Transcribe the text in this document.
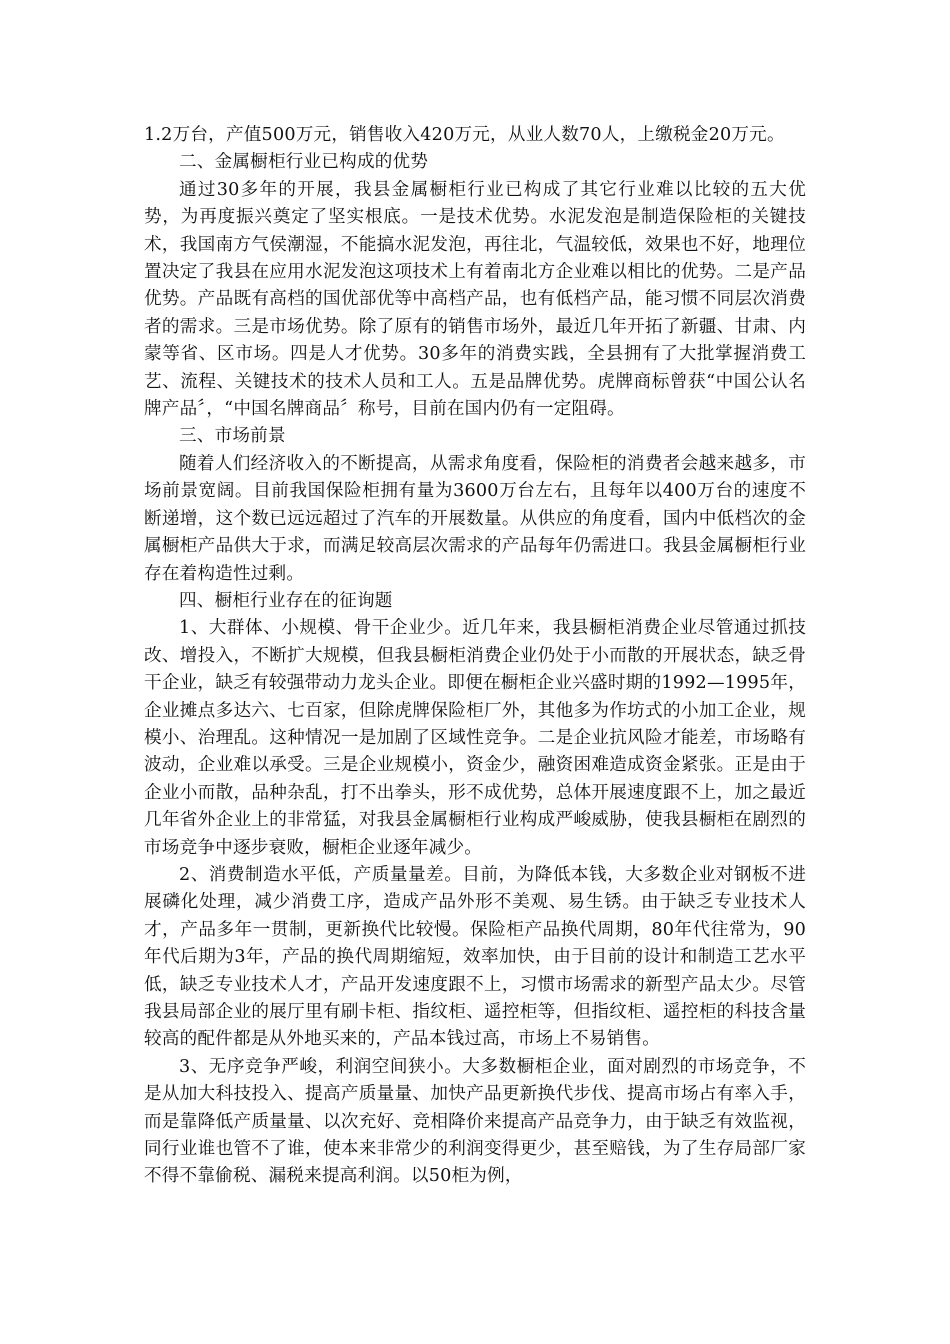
1.2万台，产值500万元，销售收入420万元，从业人数70人，上缴税金20万元。

二、金属橱柜行业已构成的优势

通过30多年的开展，我县金属橱柜行业已构成了其它行业难以比较的五大优势，为再度振兴奠定了坚实根底。一是技术优势。水泥发泡是制造保险柜的关键技术，我国南方气侯潮湿，不能搞水泥发泡，再往北，气温较低，效果也不好，地理位置决定了我县在应用水泥发泡这项技术上有着南北方企业难以相比的优势。二是产品优势。产品既有高档的国优部优等中高档产品，也有低档产品，能习惯不同层次消费者的需求。三是市场优势。除了原有的销售市场外，最近几年开拓了新疆、甘肃、内蒙等省、区市场。四是人才优势。30多年的消费实践，全县拥有了大批掌握消费工艺、流程、关键技术的技术人员和工人。五是品牌优势。虎牌商标曾获“中国公认名牌产品〞，“中国名牌商品〞称号，目前在国内仍有一定阻碍。

三、市场前景

随着人们经济收入的不断提高，从需求角度看，保险柜的消费者会越来越多，市场前景宽阔。目前我国保险柜拥有量为3600万台左右，且每年以400万台的速度不断递增，这个数已远远超过了汽车的开展数量。从供应的角度看，国内中低档次的金属橱柜产品供大于求，而满足较高层次需求的产品每年仍需进口。我县金属橱柜行业存在着构造性过剩。

四、橱柜行业存在的征询题

1、大群体、小规模、骨干企业少。近几年来，我县橱柜消费企业尽管通过抓技改、增投入，不断扩大规模，但我县橱柜消费企业仍处于小而散的开展状态，缺乏骨干企业，缺乏有较强带动力龙头企业。即便在橱柜企业兴盛时期的1992—1995年，企业摊点多达六、七百家，但除虎牌保险柜厂外，其他多为作坊式的小加工企业，规模小、治理乱。这种情况一是加剧了区域性竞争。二是企业抗风险才能差，市场略有波动，企业难以承受。三是企业规模小，资金少，融资困难造成资金紧张。正是由于企业小而散，品种杂乱，打不出拳头，形不成优势，总体开展速度跟不上，加之最近几年省外企业上的非常猛，对我县金属橱柜行业构成严峻威胁，使我县橱柜在剧烈的市场竞争中逐步衰败，橱柜企业逐年减少。

2、消费制造水平低，产质量量差。目前，为降低本钱，大多数企业对钢板不进展磷化处理，减少消费工序，造成产品外形不美观、易生锈。由于缺乏专业技术人才，产品多年一贯制，更新换代比较慢。保险柜产品换代周期，80年代往常为，90年代后期为3年，产品的换代周期缩短，效率加快，由于目前的设计和制造工艺水平低，缺乏专业技术人才，产品开发速度跟不上，习惯市场需求的新型产品太少。尽管我县局部企业的展厅里有刷卡柜、指纹柜、遥控柜等，但指纹柜、遥控柜的科技含量较高的配件都是从外地买来的，产品本钱过高，市场上不易销售。

3、无序竞争严峻，利润空间狭小。大多数橱柜企业，面对剧烈的市场竞争，不是从加大科技投入、提高产质量量、加快产品更新换代步伐、提高市场占有率入手，而是靠降低产质量量、以次充好、竞相降价来提高产品竞争力，由于缺乏有效监视，同行业谁也管不了谁，使本来非常少的利润变得更少，甚至赔钱，为了生存局部厂家不得不靠偷税、漏税来提高利润。以50柜为例，
